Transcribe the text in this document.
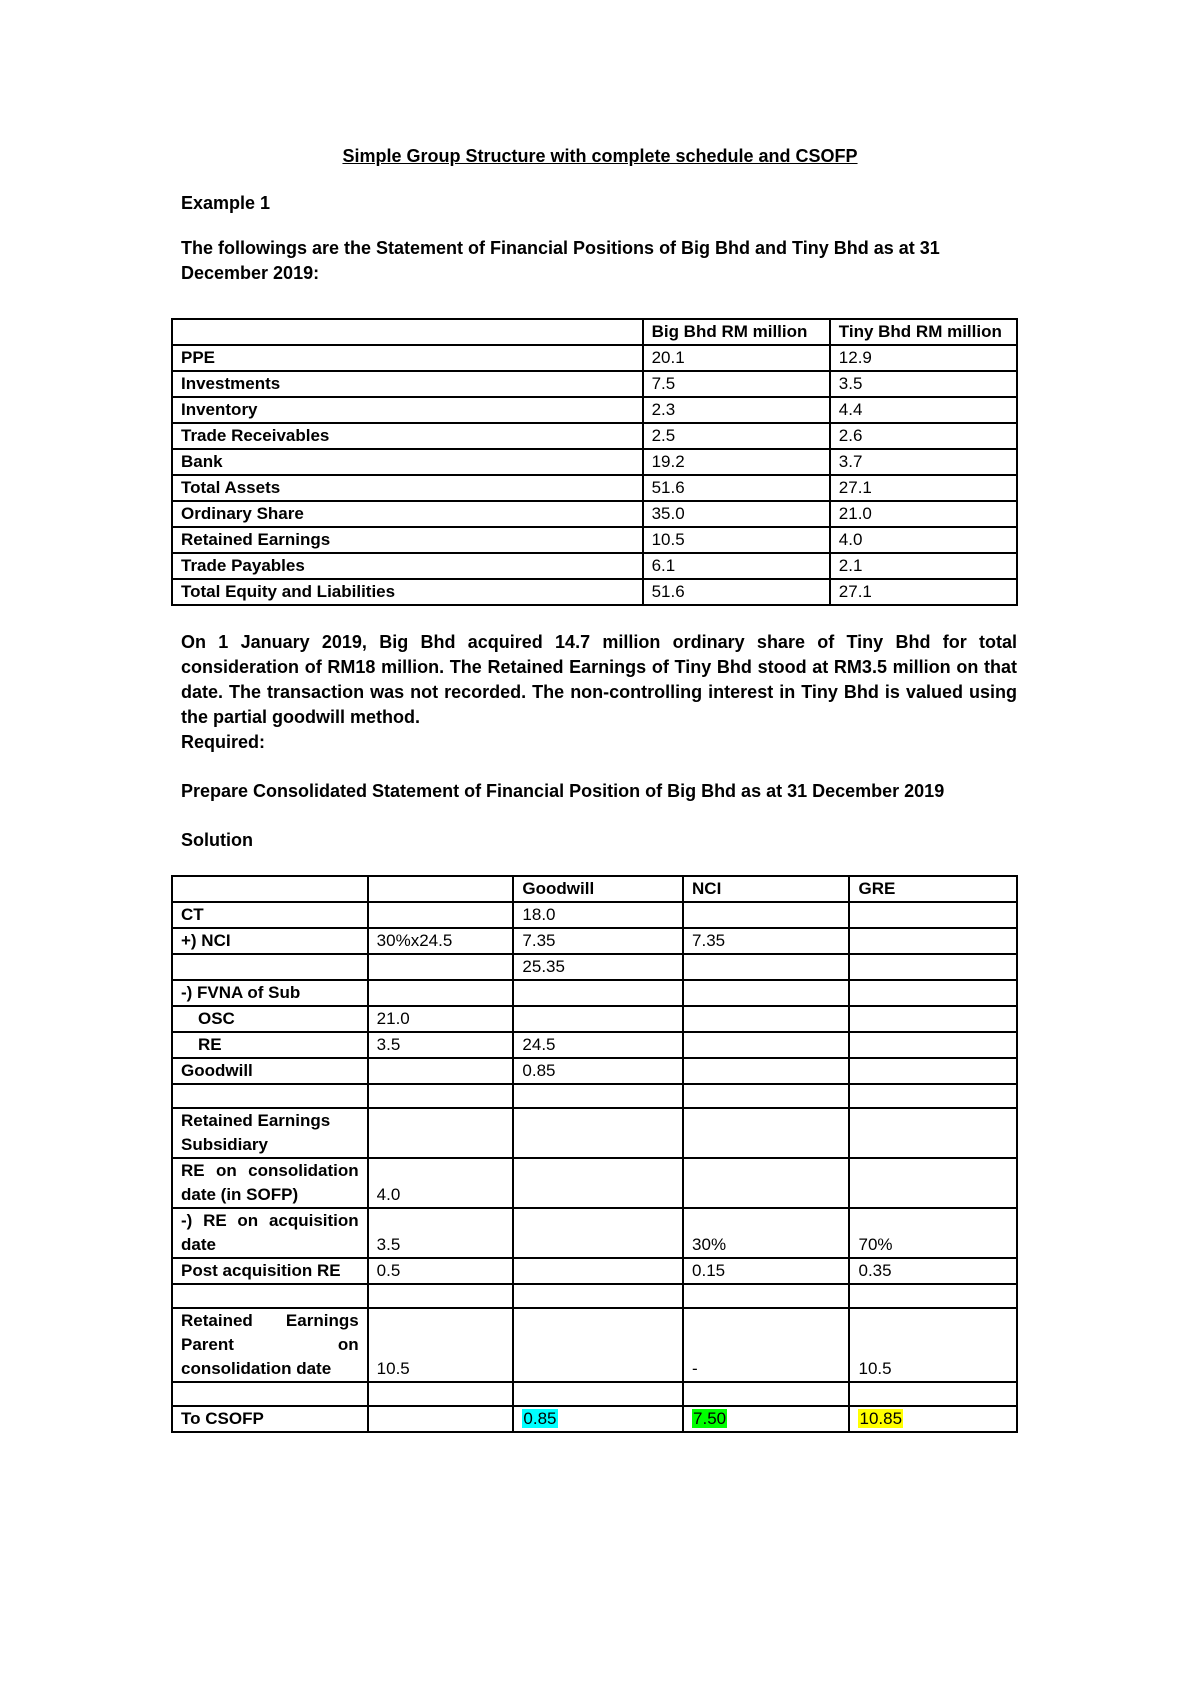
Simple Group Structure with complete schedule and CSOFP
Example 1
The followings are the Statement of Financial Positions of Big Bhd and Tiny Bhd as at 31 December 2019:
	Big Bhd RM million	Tiny Bhd RM million
PPE	20.1	12.9
Investments	7.5	3.5
Inventory	2.3	4.4
Trade Receivables	2.5	2.6
Bank	19.2	3.7
Total Assets	51.6	27.1
Ordinary Share	35.0	21.0
Retained Earnings	10.5	4.0
Trade Payables	6.1	2.1
Total Equity and Liabilities	51.6	27.1
On 1 January 2019, Big Bhd acquired 14.7 million ordinary share of Tiny Bhd for total consideration of RM18 million. The Retained Earnings of Tiny Bhd stood at RM3.5 million on that date. The transaction was not recorded. The non-controlling interest in Tiny Bhd is valued using the partial goodwill method.
Required:
Prepare Consolidated Statement of Financial Position of Big Bhd as at 31 December 2019
Solution
		Goodwill	NCI	GRE
CT		18.0		
+) NCI	30%x24.5	7.35	7.35	
		25.35		
-) FVNA of Sub				
OSC	21.0			
RE	3.5	24.5		
Goodwill		0.85		

Retained Earnings Subsidiary				
RE on consolidation date (in SOFP)	4.0			
-) RE on acquisition date	3.5		30%	70%
Post acquisition RE	0.5		0.15	0.35

Retained Earnings Parent on consolidation date	10.5		-	10.5

To CSOFP		0.85	7.50	10.85
